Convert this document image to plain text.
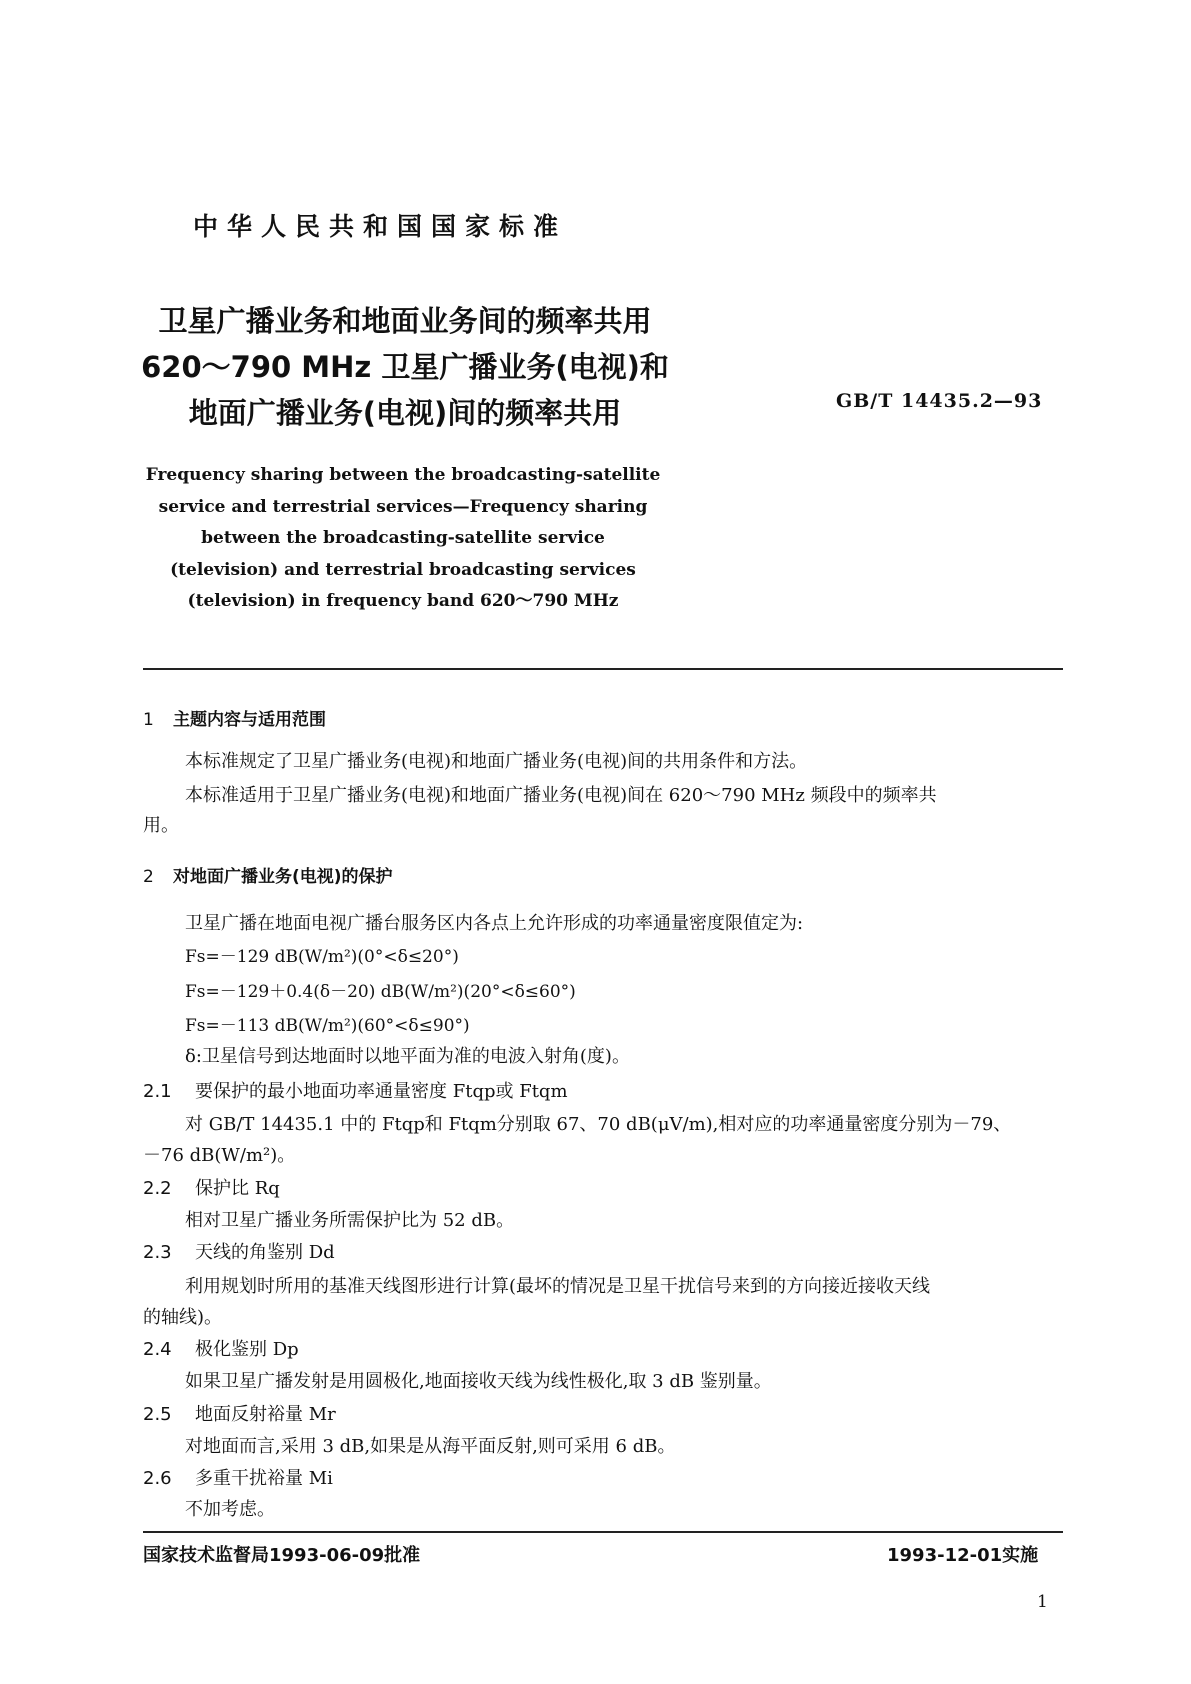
中华人民共和国国家标准
卫星广播业务和地面业务间的频率共用
620～790 MHz 卫星广播业务(电视)和
地面广播业务(电视)间的频率共用	GB/T 14435.2—93
Frequency sharing between the broadcasting-satellite
service and terrestrial services—Frequency sharing
between the broadcasting-satellite service
(television) and terrestrial broadcasting services
(television) in frequency band 620～790 MHz
1 主题内容与适用范围
本标准规定了卫星广播业务(电视)和地面广播业务(电视)间的共用条件和方法。
本标准适用于卫星广播业务(电视)和地面广播业务(电视)间在 620～790 MHz 频段中的频率共
用。
2 对地面广播业务(电视)的保护
卫星广播在地面电视广播台服务区内各点上允许形成的功率通量密度限值定为:
Fs=－129 dB(W/m²)(0°<δ≤20°)
Fs=－129＋0.4(δ－20) dB(W/m²)(20°<δ≤60°)
Fs=－113 dB(W/m²)(60°<δ≤90°)
δ:卫星信号到达地面时以地平面为准的电波入射角(度)。
2.1 要保护的最小地面功率通量密度 Ftqp或 Ftqm
对 GB/T 14435.1 中的 Ftqp和 Ftqm分别取 67、70 dB(μV/m),相对应的功率通量密度分别为－79、
－76 dB(W/m²)。
2.2 保护比 Rq
相对卫星广播业务所需保护比为 52 dB。
2.3 天线的角鉴别 Dd
利用规划时所用的基准天线图形进行计算(最坏的情况是卫星干扰信号来到的方向接近接收天线
的轴线)。
2.4 极化鉴别 Dp
如果卫星广播发射是用圆极化,地面接收天线为线性极化,取 3 dB 鉴别量。
2.5 地面反射裕量 Mr
对地面而言,采用 3 dB,如果是从海平面反射,则可采用 6 dB。
2.6 多重干扰裕量 Mi
不加考虑。
国家技术监督局1993-06-09批准	1993-12-01实施
1
